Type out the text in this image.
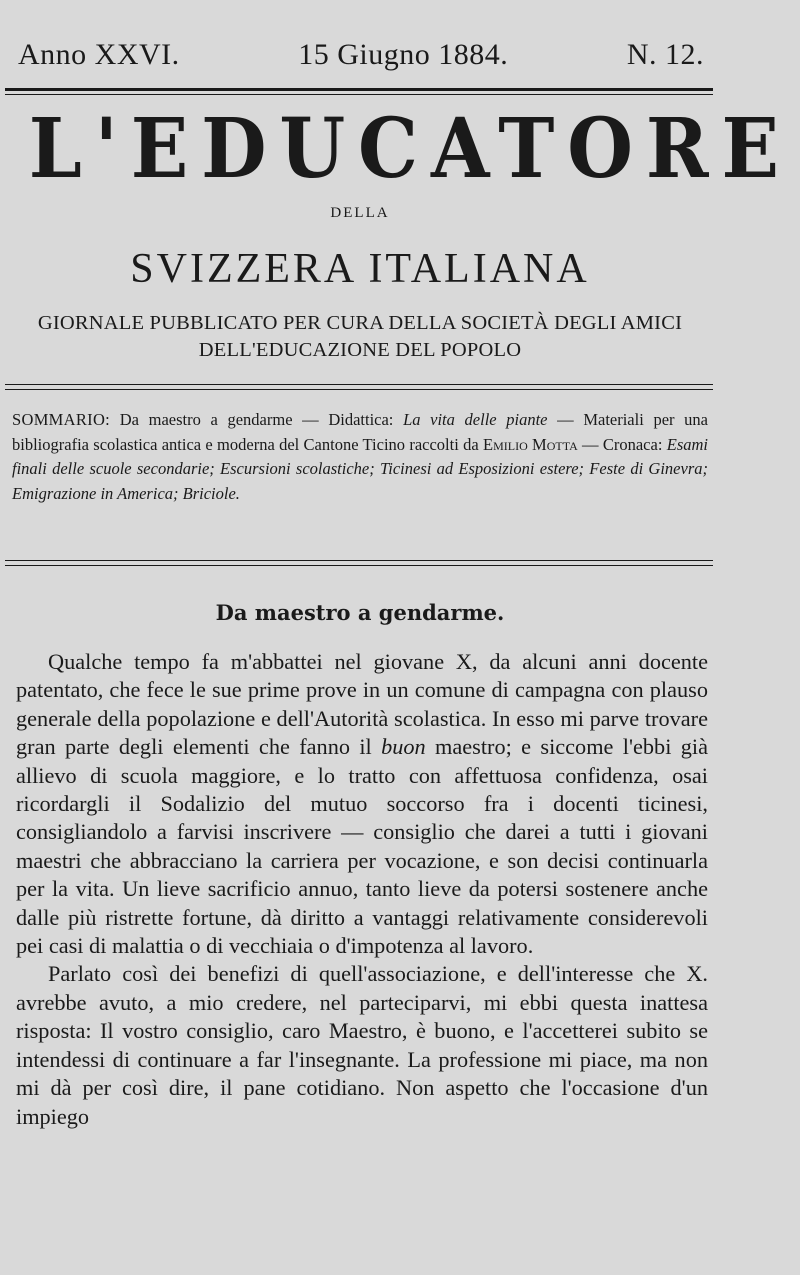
Anno XXVI.	15 Giugno 1884.	N. 12.
L'EDUCATORE
DELLA
SVIZZERA ITALIANA
GIORNALE PUBBLICATO PER CURA DELLA SOCIETÀ DEGLI AMICI
DELL'EDUCAZIONE DEL POPOLO
SOMMARIO: Da maestro a gendarme — Didattica: La vita delle piante — Materiali per una bibliografia scolastica antica e moderna del Cantone Ticino raccolti da Emilio Motta — Cronaca: Esami finali delle scuole secondarie; Escursioni scolastiche; Ticinesi ad Esposizioni estere; Feste di Ginevra; Emigrazione in America; Briciole.
Da maestro a gendarme.

Qualche tempo fa m'abbattei nel giovane X, da alcuni anni docente patentato, che fece le sue prime prove in un comune di campagna con plauso generale della popolazione e dell'Autorità scolastica. In esso mi parve trovare gran parte degli elementi che fanno il buon maestro; e siccome l'ebbi già allievo di scuola maggiore, e lo tratto con affettuosa confidenza, osai ricordargli il Sodalizio del mutuo soccorso fra i docenti ticinesi, consigliandolo a farvisi inscrivere — consiglio che darei a tutti i giovani maestri che abbracciano la carriera per vocazione, e son decisi continuarla per la vita. Un lieve sacrificio annuo, tanto lieve da potersi sostenere anche dalle più ristrette fortune, dà diritto a vantaggi relativamente considerevoli pei casi di malattia o di vecchiaia o d'impotenza al lavoro.

Parlato così dei benefizi di quell'associazione, e dell'interesse che X. avrebbe avuto, a mio credere, nel parteciparvi, mi ebbi questa inattesa risposta: Il vostro consiglio, caro Maestro, è buono, e l'accetterei subito se intendessi di continuare a far l'insegnante. La professione mi piace, ma non mi dà per così dire, il pane cotidiano. Non aspetto che l'occasione d'un impiego
